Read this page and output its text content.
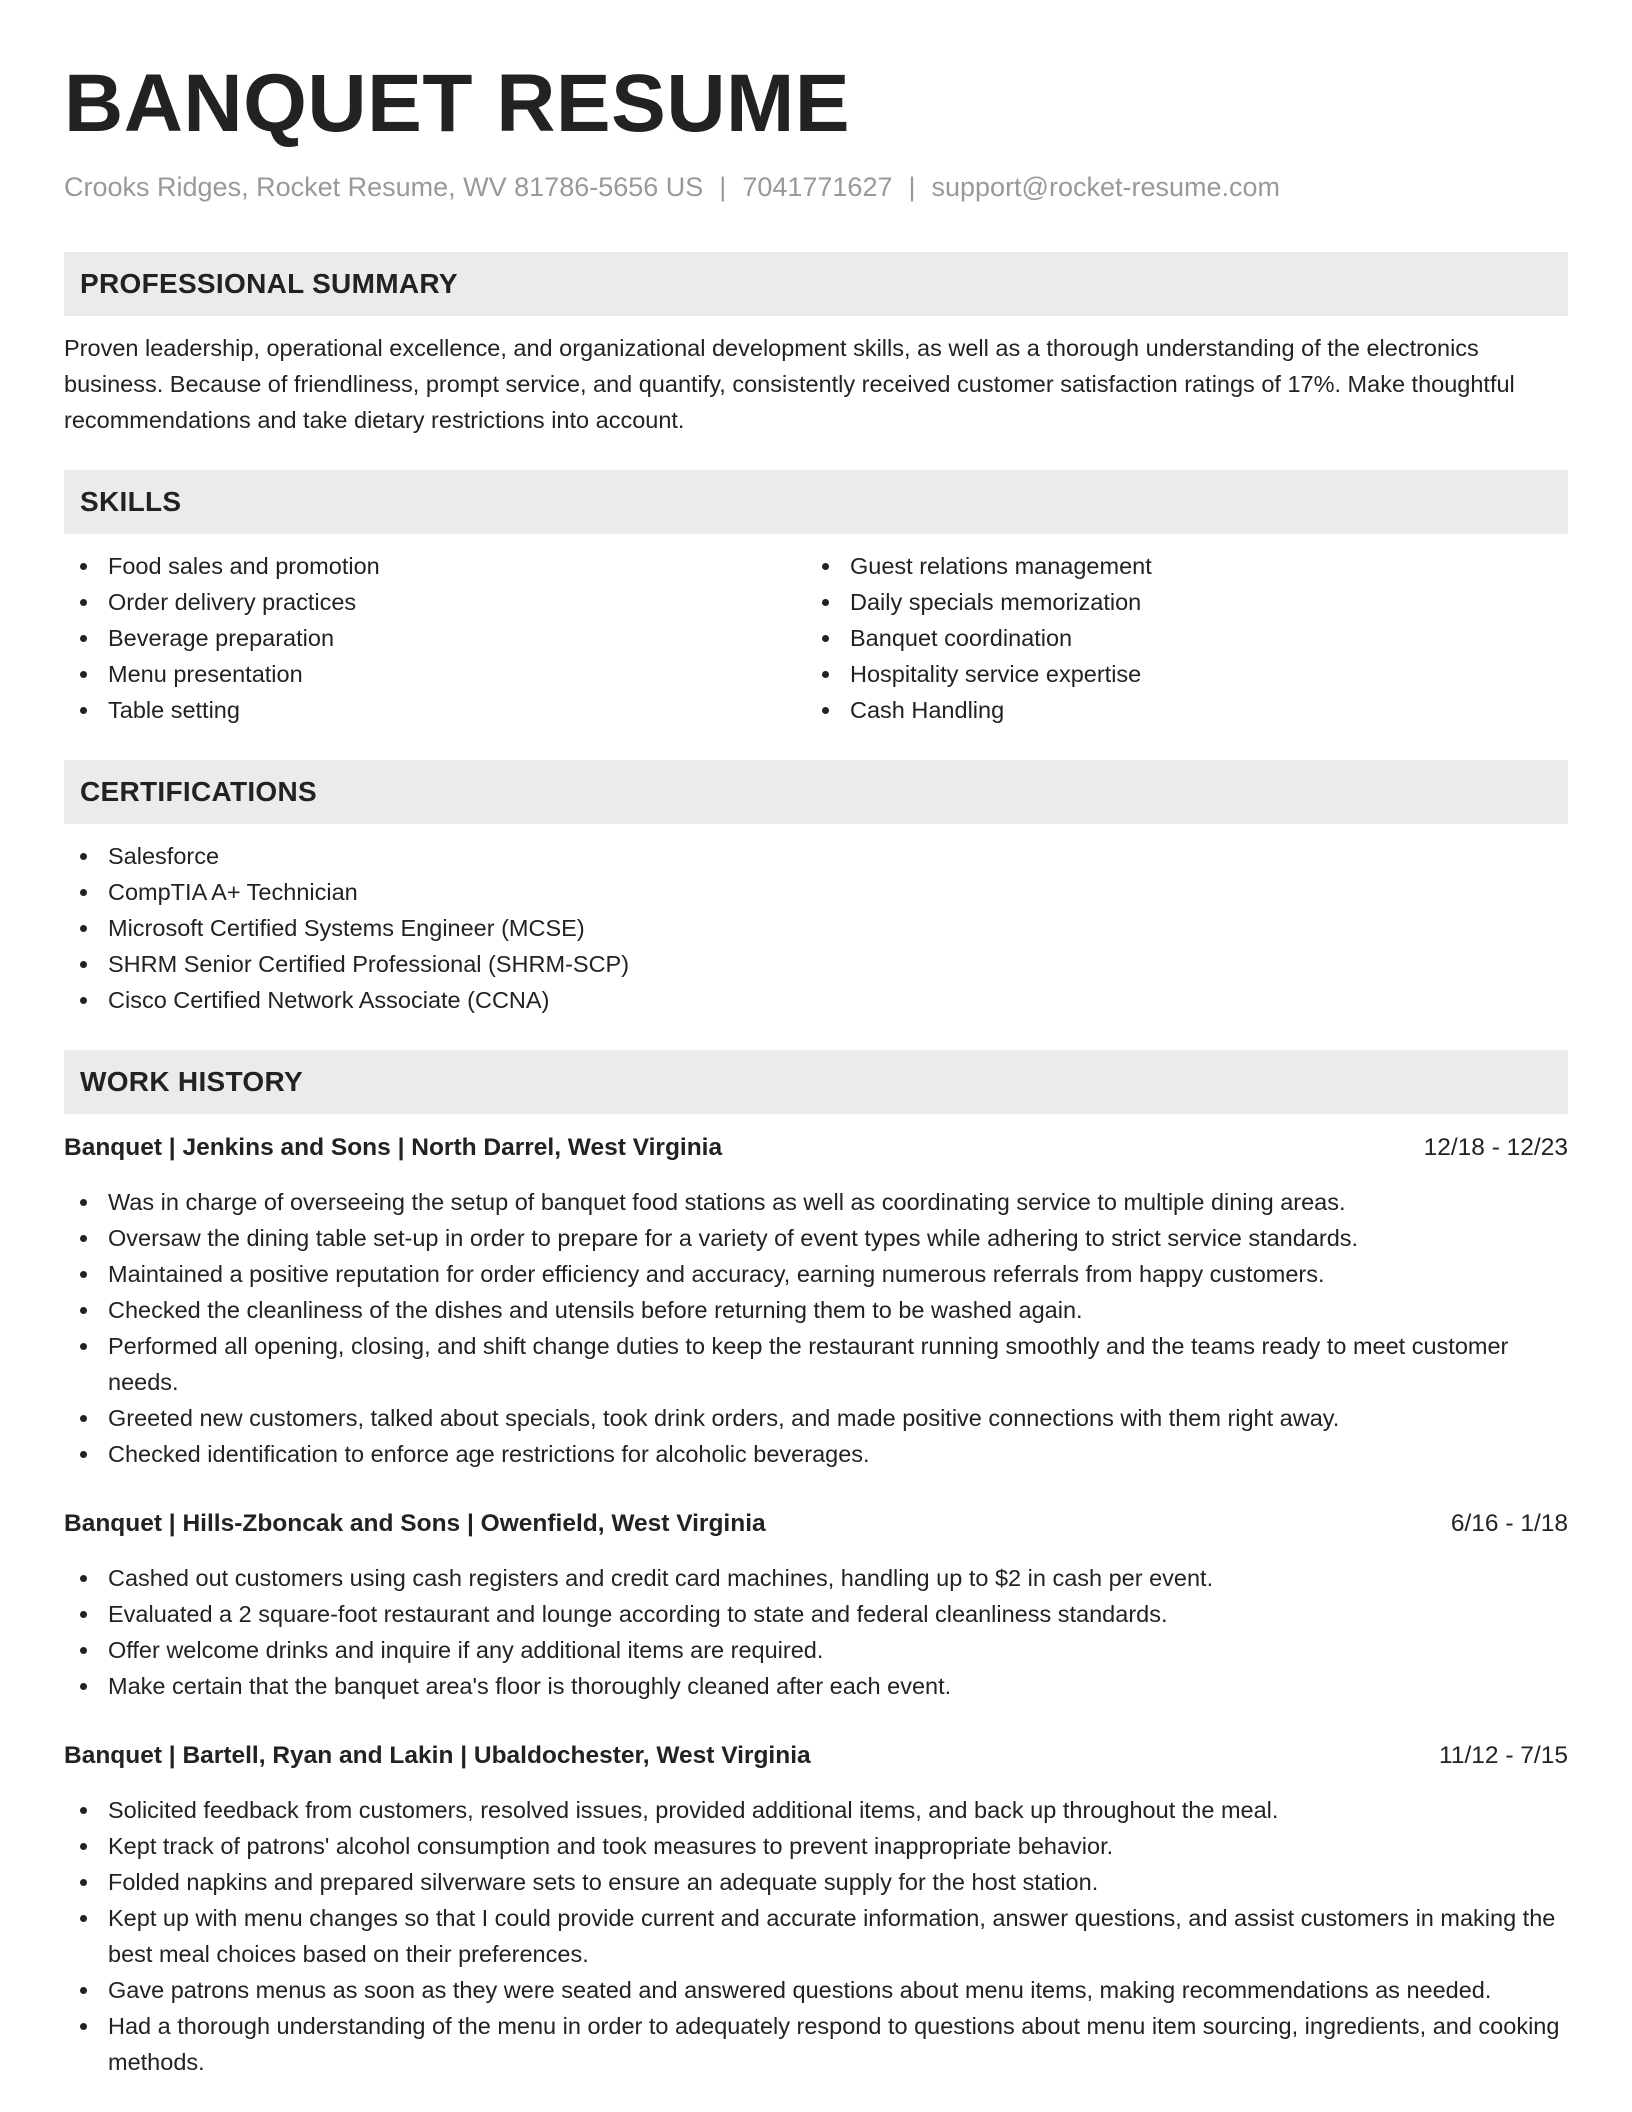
BANQUET RESUME
Crooks Ridges, Rocket Resume, WV 81786-5656 US | 7041771627 | support@rocket-resume.com
PROFESSIONAL SUMMARY

Proven leadership, operational excellence, and organizational development skills, as well as a thorough understanding of the electronics business. Because of friendliness, prompt service, and quantify, consistently received customer satisfaction ratings of 17%. Make thoughtful recommendations and take dietary restrictions into account.

SKILLS
Food sales and promotion
Order delivery practices
Beverage preparation
Menu presentation
Table setting
Guest relations management
Daily specials memorization
Banquet coordination
Hospitality service expertise
Cash Handling
CERTIFICATIONS
Salesforce
CompTIA A+ Technician
Microsoft Certified Systems Engineer (MCSE)
SHRM Senior Certified Professional (SHRM-SCP)
Cisco Certified Network Associate (CCNA)
WORK HISTORY
Banquet | Jenkins and Sons | North Darrel, West Virginia	12/18 - 12/23
Was in charge of overseeing the setup of banquet food stations as well as coordinating service to multiple dining areas.
Oversaw the dining table set-up in order to prepare for a variety of event types while adhering to strict service standards.
Maintained a positive reputation for order efficiency and accuracy, earning numerous referrals from happy customers.
Checked the cleanliness of the dishes and utensils before returning them to be washed again.
Performed all opening, closing, and shift change duties to keep the restaurant running smoothly and the teams ready to meet customer needs.
Greeted new customers, talked about specials, took drink orders, and made positive connections with them right away.
Checked identification to enforce age restrictions for alcoholic beverages.
Banquet | Hills-Zboncak and Sons | Owenfield, West Virginia	6/16 - 1/18
Cashed out customers using cash registers and credit card machines, handling up to $2 in cash per event.
Evaluated a 2 square-foot restaurant and lounge according to state and federal cleanliness standards.
Offer welcome drinks and inquire if any additional items are required.
Make certain that the banquet area's floor is thoroughly cleaned after each event.
Banquet | Bartell, Ryan and Lakin | Ubaldochester, West Virginia	11/12 - 7/15
Solicited feedback from customers, resolved issues, provided additional items, and back up throughout the meal.
Kept track of patrons' alcohol consumption and took measures to prevent inappropriate behavior.
Folded napkins and prepared silverware sets to ensure an adequate supply for the host station.
Kept up with menu changes so that I could provide current and accurate information, answer questions, and assist customers in making the best meal choices based on their preferences.
Gave patrons menus as soon as they were seated and answered questions about menu items, making recommendations as needed.
Had a thorough understanding of the menu in order to adequately respond to questions about menu item sourcing, ingredients, and cooking methods.
